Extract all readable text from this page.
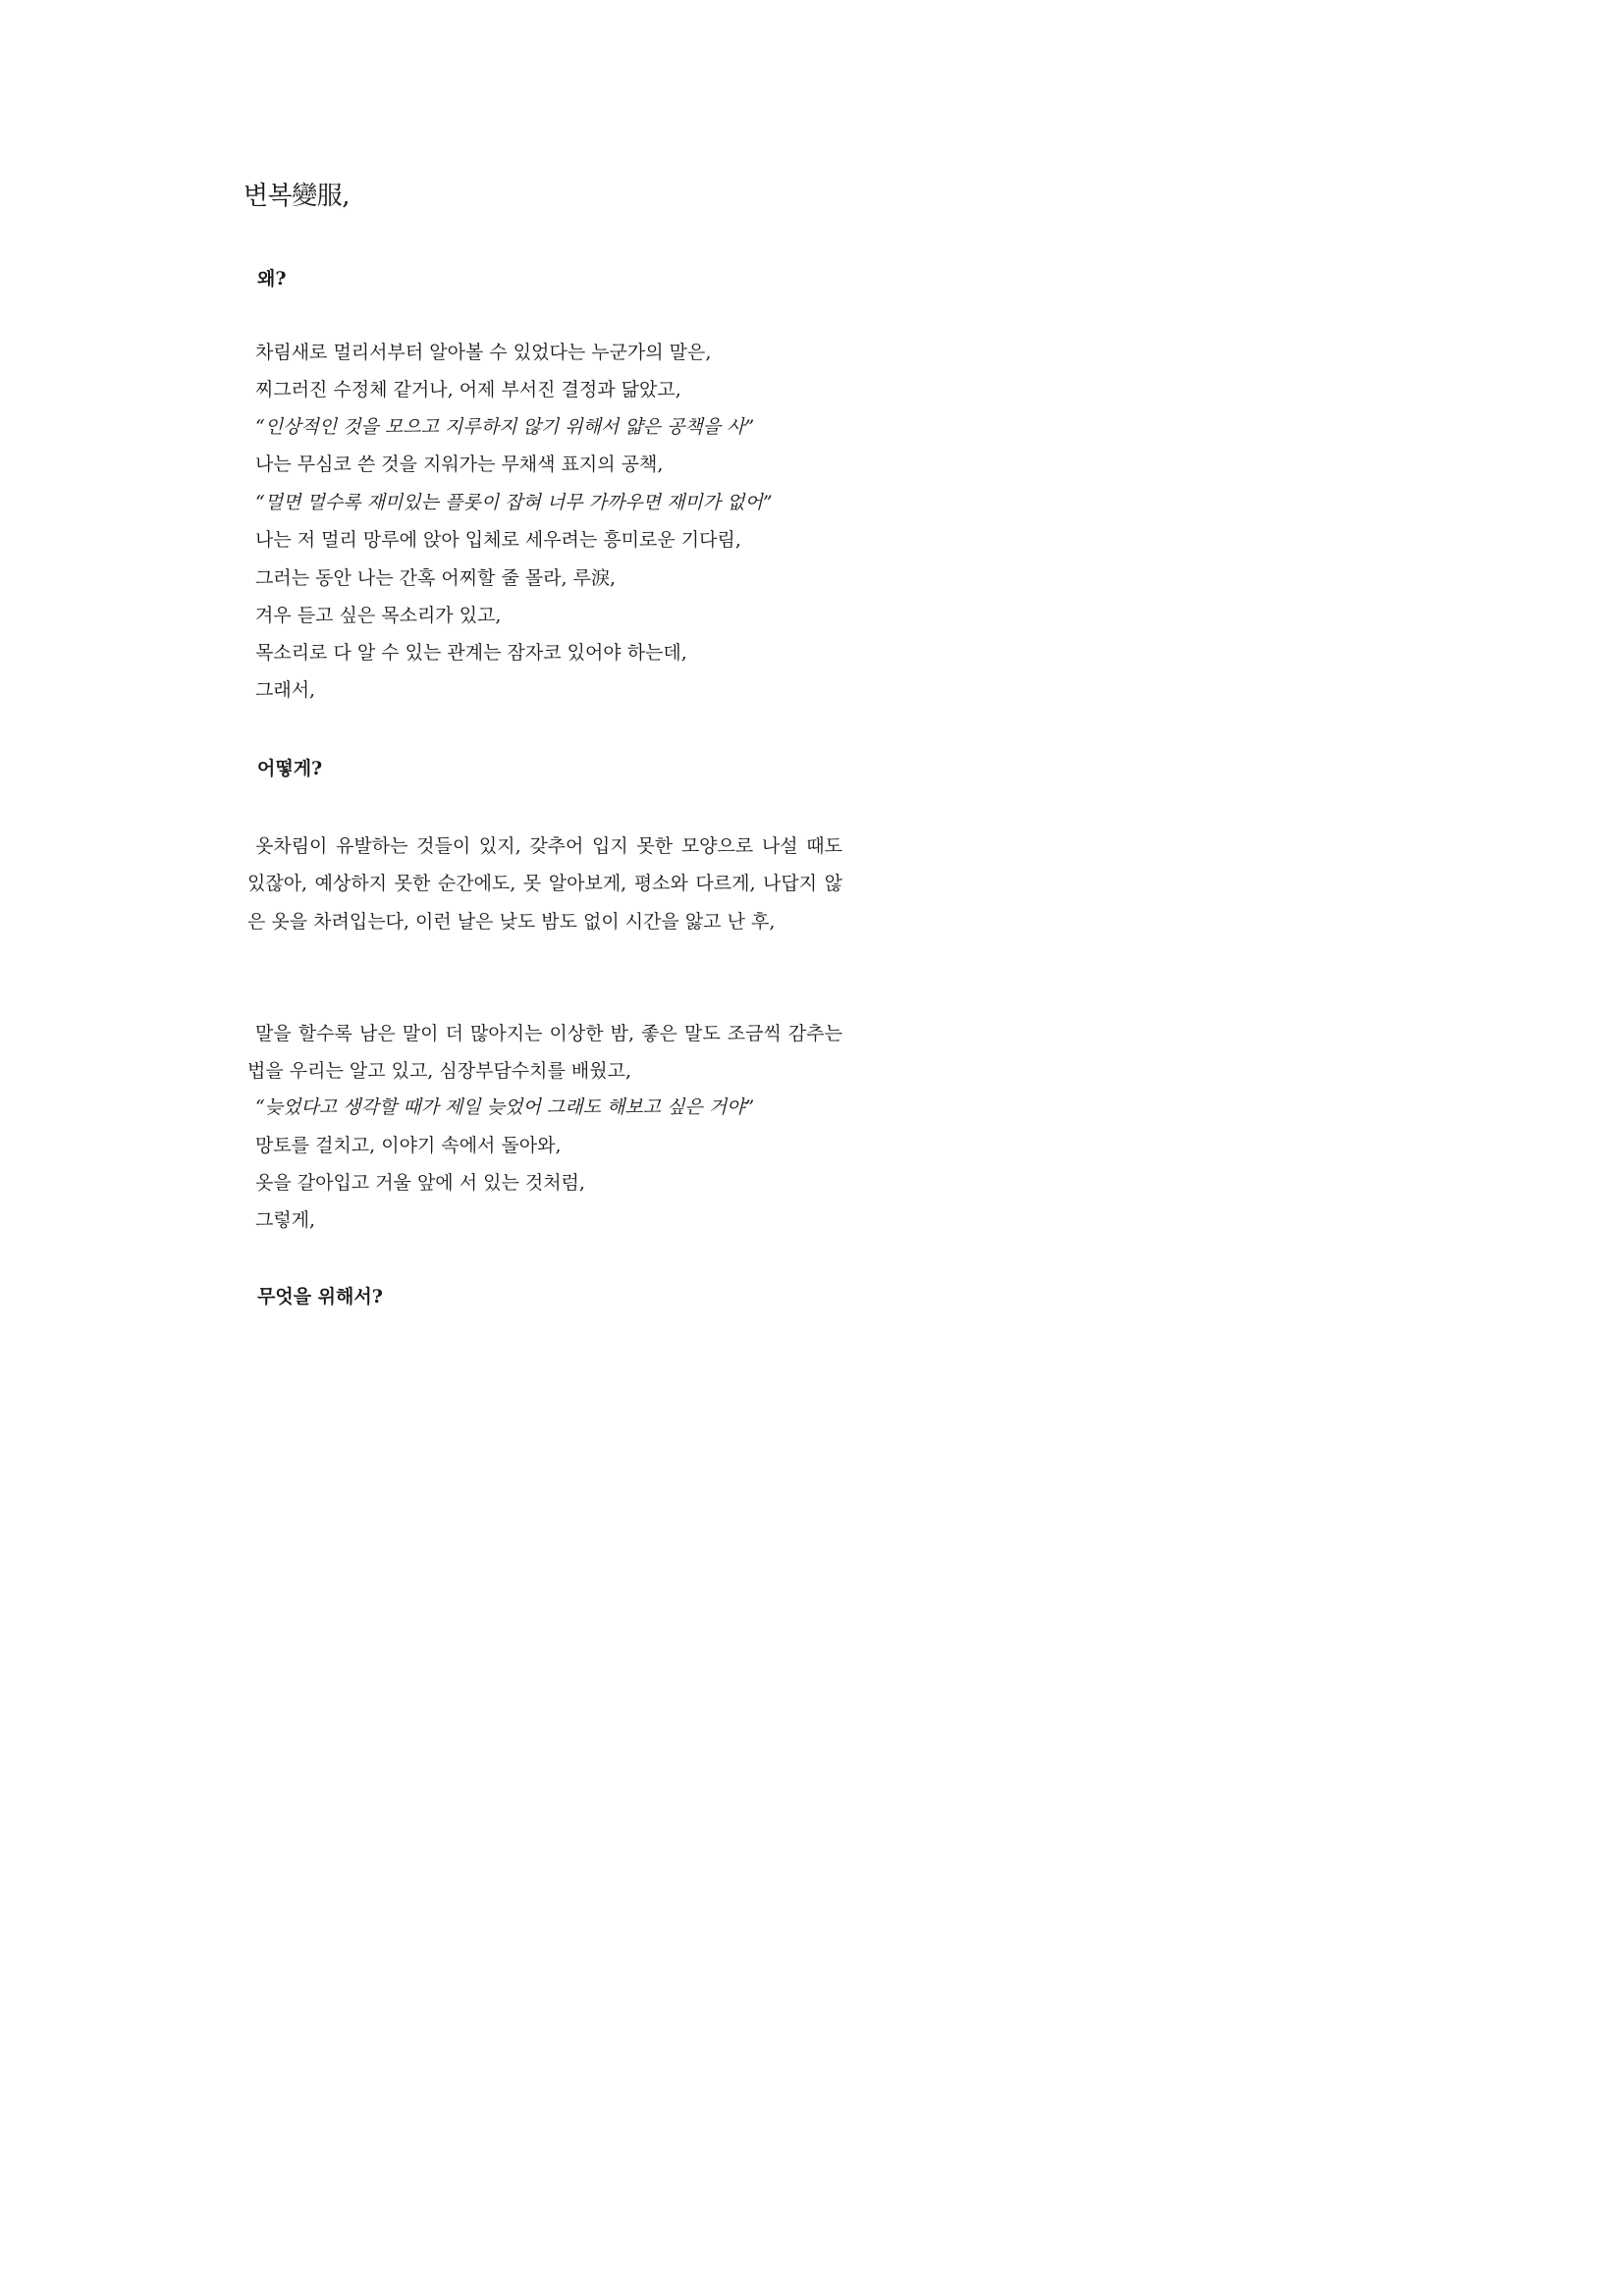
변복變服,
왜?
차림새로 멀리서부터 알아볼 수 있었다는 누군가의 말은,
찌그러진 수정체 같거나, 어제 부서진 결정과 닮았고,
“인상적인 것을 모으고 지루하지 않기 위해서 얇은 공책을 사”
나는 무심코 쓴 것을 지워가는 무채색 표지의 공책,
“멀면 멀수록 재미있는 플롯이 잡혀 너무 가까우면 재미가 없어”
나는 저 멀리 망루에 앉아 입체로 세우려는 흥미로운 기다림,
그러는 동안 나는 간혹 어찌할 줄 몰라, 루淚,
겨우 듣고 싶은 목소리가 있고,
목소리로 다 알 수 있는 관계는 잠자코 있어야 하는데,
그래서,
어떻게?

옷차림이 유발하는 것들이 있지, 갖추어 입지 못한 모양으로 나설 때도 있잖아, 예상하지 못한 순간에도, 못 알아보게, 평소와 다르게, 나답지 않은 옷을 차려입는다, 이런 날은 낮도 밤도 없이 시간을 앓고 난 후,

말을 할수록 남은 말이 더 많아지는 이상한 밤, 좋은 말도 조금씩 감추는 법을 우리는 알고 있고, 심장부담수치를 배웠고,

“늦었다고 생각할 때가 제일 늦었어 그래도 해보고 싶은 거야”
망토를 걸치고, 이야기 속에서 돌아와,
옷을 갈아입고 거울 앞에 서 있는 것처럼,
그렇게,
무엇을 위해서?
